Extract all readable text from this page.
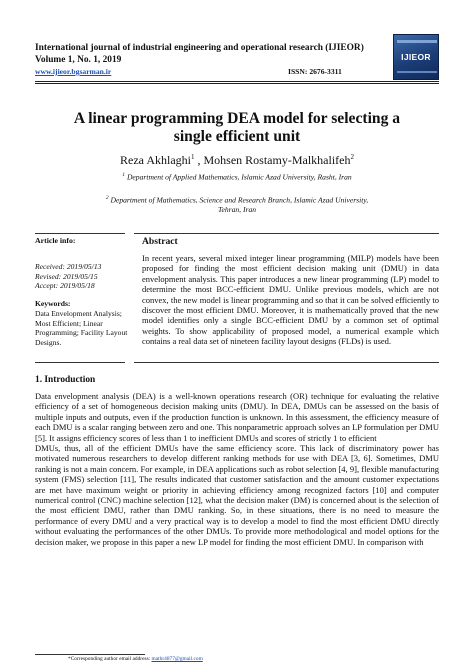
International journal of industrial engineering and operational research (IJIEOR)
Volume 1, No. 1, 2019
www.ijieor.bgsarman.ir	ISSN: 2676-3311
IJIEOR
A linear programming DEA model for selecting a single efficient unit
Reza Akhlaghi$^1$ , Mohsen Rostamy-Malkhalifeh$^2$
$^1$ Department of Applied Mathematics, Islamic Azad University, Rasht, Iran
$^2$ Department of Mathematics, Science and Research Branch, Islamic Azad University, Tehran, Iran
Article info:
Received: 2019/05/13
Revised: 2019/05/15
Accept: 2019/05/18
Keywords:
Data Envelopment Analysis; Most Efficient; Linear Programming; Facility Layout Designs.
Abstract
In recent years, several mixed integer linear programming (MILP) models have been proposed for finding the most efficient decision making unit (DMU) in data envelopment analysis. This paper introduces a new linear programming (LP) model to determine the most BCC-efficient DMU. Unlike previous models, which are not convex, the new model is linear programming and so that it can be solved efficiently to discover the most efficient DMU. Moreover, it is mathematically proved that the new model identifies only a single BCC-efficient DMU by a common set of optimal weights. To show applicability of proposed model, a numerical example which contains a real data set of nineteen facility layout designs (FLDs) is used.
1. Introduction

Data envelopment analysis (DEA) is a well-known operations research (OR) technique for evaluating the relative efficiency of a set of homogeneous decision making units (DMU). In DEA, DMUs can be assessed on the basis of multiple inputs and outputs, even if the production function is unknown. In this assessment, the efficiency measure of each DMU is a scalar ranging between zero and one. This nonparametric approach solves an LP formulation per DMU [5]. It assigns efficiency scores of less than 1 to inefficient DMUs and scores of strictly 1 to efficient

DMUs, thus, all of the efficient DMUs have the same efficiency score. This lack of discriminatory power has motivated numerous researchers to develop different ranking methods for use with DEA [3, 6]. Sometimes, DMU ranking is not a main concern. For example, in DEA applications such as robot selection [4, 9], flexible manufacturing system (FMS) selection [11], The results indicated that customer satisfaction and the amount customer expectations are met have maximum weight or priority in achieving efficiency among recognized factors [10] and computer numerical control (CNC) machine selection [12], what the decision maker (DM) is concerned about is the selection of the most efficient DMU, rather than DMU ranking. So, in these situations, there is no need to measure the performance of every DMU and a very practical way is to develop a model to find the most efficient DMU directly without evaluating the performances of the other DMUs. To provide more methodological and model options for the decision maker, we propose in this paper a new LP model for finding the most efficient DMU. In comparison with

*Corresponding author email address: mathr4877@gmail.com
